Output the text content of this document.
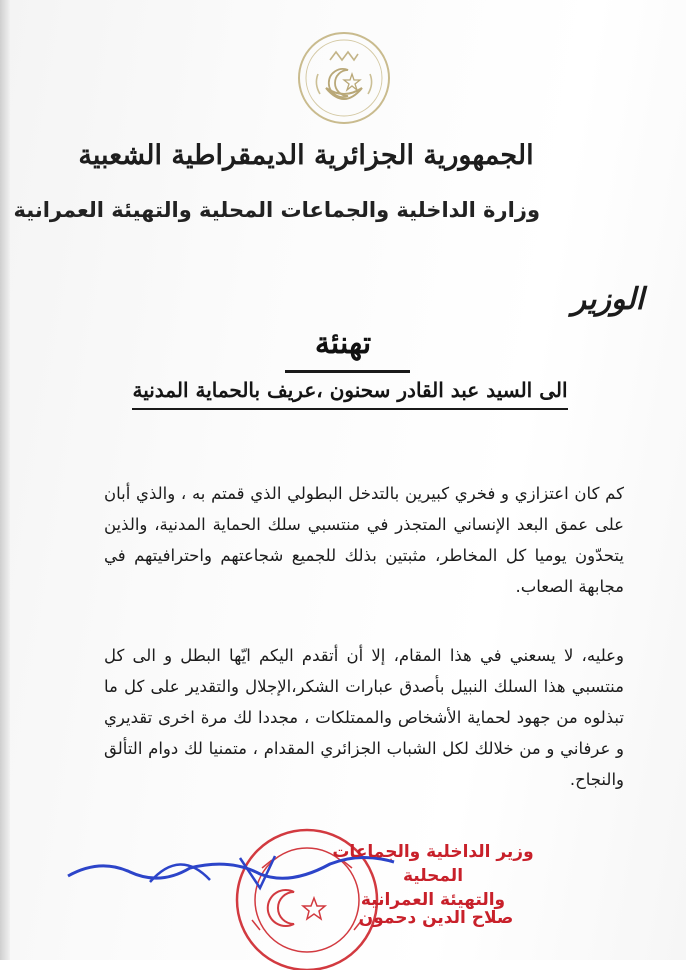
الجمهورية الجزائرية الديمقراطية الشعبية
وزارة الداخلية والجماعات المحلية والتهيئة العمرانية
الوزير
تهنئة
الى السيد عبد القادر سحنون ،عريف بالحماية المدنية
كم كان اعتزازي و فخري كبيرين بالتدخل البطولي الذي قمتم به ، والذي أبان على عمق البعد الإنساني المتجذر في منتسبي سلك الحماية المدنية، والذين يتحدّون يوميا كل المخاطر، مثبتين بذلك للجميع شجاعتهم واحترافيتهم في مجابهة الصعاب.
وعليه، لا يسعني في هذا المقام، إلا أن أتقدم اليكم ايّها البطل و الى كل منتسبي هذا السلك النبيل بأصدق عبارات الشكر،الإجلال والتقدير على كل ما تبذلوه من جهود لحماية الأشخاص والممتلكات ، مجددا لك مرة اخرى تقديري و عرفاني و من خلالك لكل الشباب الجزائري المقدام ، متمنيا لك دوام التألق والنجاح.
وزير الداخلية والجماعات المحلية
والتهيئة العمرانية
صلاح الدين دحمون
